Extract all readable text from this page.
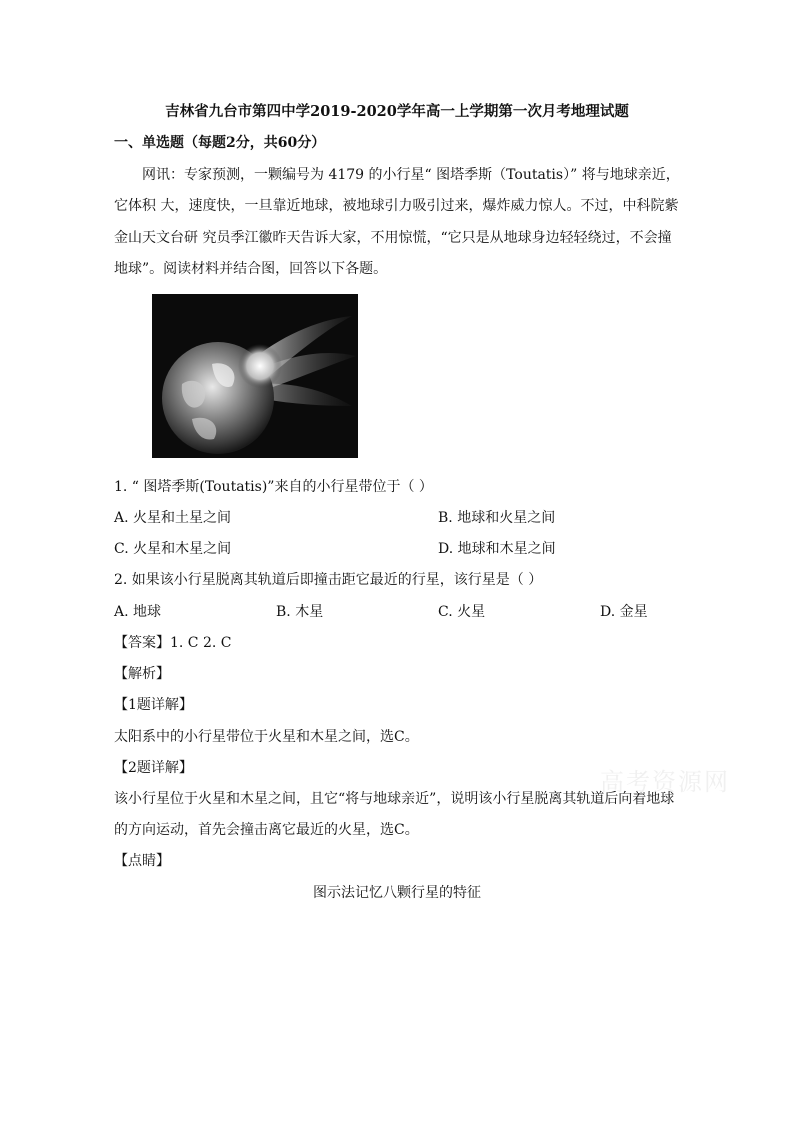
吉林省九台市第四中学2019-2020学年高一上学期第一次月考地理试题
一、单选题（每题2分，共60分）
网讯：专家预测，一颗编号为 4179 的小行星“ 图塔季斯（Toutatis）” 将与地球亲近，
它体积 大，速度快，一旦靠近地球，被地球引力吸引过来，爆炸威力惊人。不过，中科院紫
金山天文台研 究员季江徽昨天告诉大家，不用惊慌，“它只是从地球身边轻轻绕过，不会撞
地球”。阅读材料并结合图，回答以下各题。
1. “ 图塔季斯(Toutatis)”来自的小行星带位于（ ）
A. 火星和土星之间	B. 地球和火星之间
C. 火星和木星之间	D. 地球和木星之间
2. 如果该小行星脱离其轨道后即撞击距它最近的行星，该行星是（ ）
A. 地球	B. 木星	C. 火星	D. 金星
【答案】1. C 2. C
【解析】
【1题详解】
太阳系中的小行星带位于火星和木星之间，选C。
【2题详解】
该小行星位于火星和木星之间，且它“将与地球亲近”，说明该小行星脱离其轨道后向着地球
的方向运动，首先会撞击离它最近的火星，选C。
【点睛】
图示法记忆八颗行星的特征
高考资源网
